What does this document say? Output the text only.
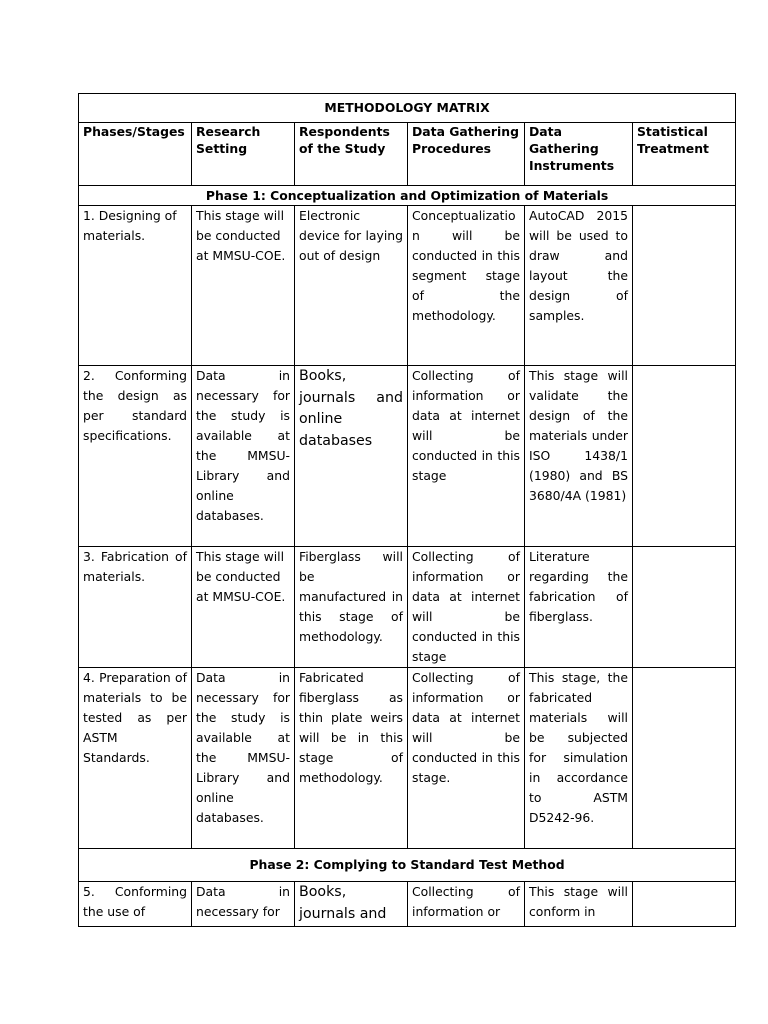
METHODOLOGY MATRIX					
Phases/Stages	Research Setting	Respondents of the Study	Data Gathering Procedures	Data Gathering Instruments	Statistical Treatment
Phase 1: Conceptualization and Optimization of Materials					
1. Designing of materials.	This stage will be conducted at MMSU-COE.	Electronic device for laying out of design	Conceptualization will be conducted in this segment stage of the methodology.	AutoCAD 2015 will be used to draw and layout the design of samples.	
2. Conforming the design as per standard specifications.	Data in necessary for the study is available at the MMSU-Library and online databases.	Books, journals and online databases	Collecting of information or data at internet will be conducted in this stage	This stage will validate the design of the materials under ISO 1438/1 (1980) and BS 3680/4A (1981)	
3. Fabrication of materials.	This stage will be conducted at MMSU-COE.	Fiberglass will be manufactured in this stage of methodology.	Collecting of information or data at internet will be conducted in this stage	Literature regarding the fabrication of fiberglass.	
4. Preparation of materials to be tested as per ASTM Standards.	Data in necessary for the study is available at the MMSU-Library and online databases.	Fabricated fiberglass as thin plate weirs will be in this stage of methodology.	Collecting of information or data at internet will be conducted in this stage.	This stage, the fabricated materials will be subjected for simulation in accordance to ASTM D5242-96.	
Phase 2: Complying to Standard Test Method					
5. Conforming the use of	Data in necessary for	Books, journals and	Collecting of information or	This stage will conform in	
